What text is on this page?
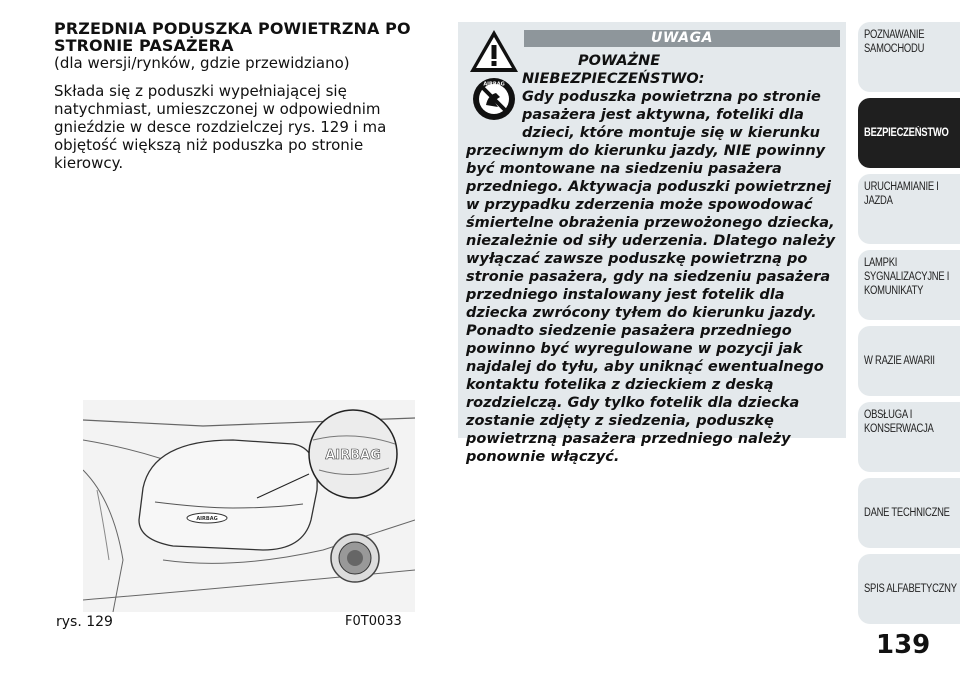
PRZEDNIA PODUSZKA POWIETRZNA PO

STRONIE PASAŻERA

(dla wersji/rynków, gdzie przewidziano)

Składa się z poduszki wypełniającej się natychmiast, umieszczonej w odpowiednim gnieździe w desce rozdzielczej rys. 129 i ma objętość większą niż poduszka po stronie kierowcy.

UWAGA
AIRBAG

POWAŻNE NIEBEZPIECZEŃSTWO:
Gdy poduszka powietrzna po stronie pasażera jest aktywna, foteliki dla dzieci, które montuje się w kierunku przeciwnym do kierunku jazdy, NIE powinny być montowane na siedzeniu pasażera przedniego. Aktywacja poduszki powietrznej w przypadku zderzenia może spowodować śmiertelne obrażenia przewożonego dziecka, niezależnie od siły uderzenia. Dlatego należy wyłączać zawsze poduszkę powietrzną po stronie pasażera, gdy na siedzeniu pasażera przedniego instalowany jest fotelik dla dziecka zwrócony tyłem do kierunku jazdy. Ponadto siedzenie pasażera przedniego powinno być wyregulowane w pozycji jak najdalej do tyłu, aby uniknąć ewentualnego kontaktu fotelika z dzieckiem z deską rozdzielczą. Gdy tylko fotelik dla dziecka zostanie zdjęty z siedzenia, poduszkę powietrzną pasażera przedniego należy ponownie włączyć.

AIRBAG
AIRBAG
rys. 129	F0T0033
POZNAWANIE SAMOCHODU
BEZPIECZEŃSTWO
URUCHAMIANIE I JAZDA
LAMPKI SYGNALIZACYJNE I KOMUNIKATY
W RAZIE AWARII
OBSŁUGA I KONSERWACJA
DANE TECHNICZNE
SPIS ALFABETYCZNY
139
